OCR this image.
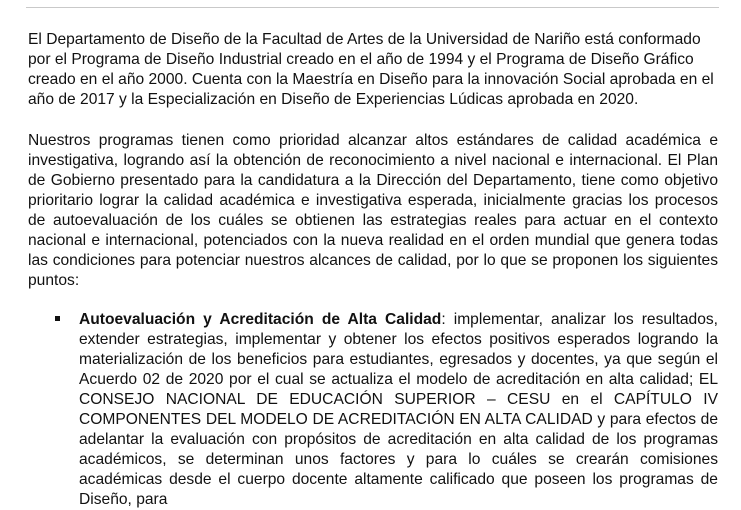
El Departamento de Diseño de la Facultad de Artes de la Universidad de Nariño está conformado por el Programa de Diseño Industrial creado en el año de 1994 y el Programa de Diseño Gráfico creado en el año 2000. Cuenta con la Maestría en Diseño para la innovación Social aprobada en el año de 2017 y la Especialización en Diseño de Experiencias Lúdicas aprobada en 2020.

Nuestros programas tienen como prioridad alcanzar altos estándares de calidad académica e investigativa, logrando así la obtención de reconocimiento a nivel nacional e internacional. El Plan de Gobierno presentado para la candidatura a la Dirección del Departamento, tiene como objetivo prioritario lograr la calidad académica e investigativa esperada, inicialmente gracias los procesos de autoevaluación de los cuáles se obtienen las estrategias reales para actuar en el contexto nacional e internacional, potenciados con la nueva realidad en el orden mundial que genera todas las condiciones para potenciar nuestros alcances de calidad, por lo que se proponen los siguientes puntos:

Autoevaluación y Acreditación de Alta Calidad: implementar, analizar los resultados, extender estrategias, implementar y obtener los efectos positivos esperados logrando la materialización de los beneficios para estudiantes, egresados y docentes, ya que según el Acuerdo 02 de 2020 por el cual se actualiza el modelo de acreditación en alta calidad; EL CONSEJO NACIONAL DE EDUCACIÓN SUPERIOR – CESU en el CAPÍTULO IV COMPONENTES DEL MODELO DE ACREDITACIÓN EN ALTA CALIDAD y para efectos de adelantar la evaluación con propósitos de acreditación en alta calidad de los programas académicos, se determinan unos factores y para lo cuáles se crearán comisiones académicas desde el cuerpo docente altamente calificado que poseen los programas de Diseño, para
